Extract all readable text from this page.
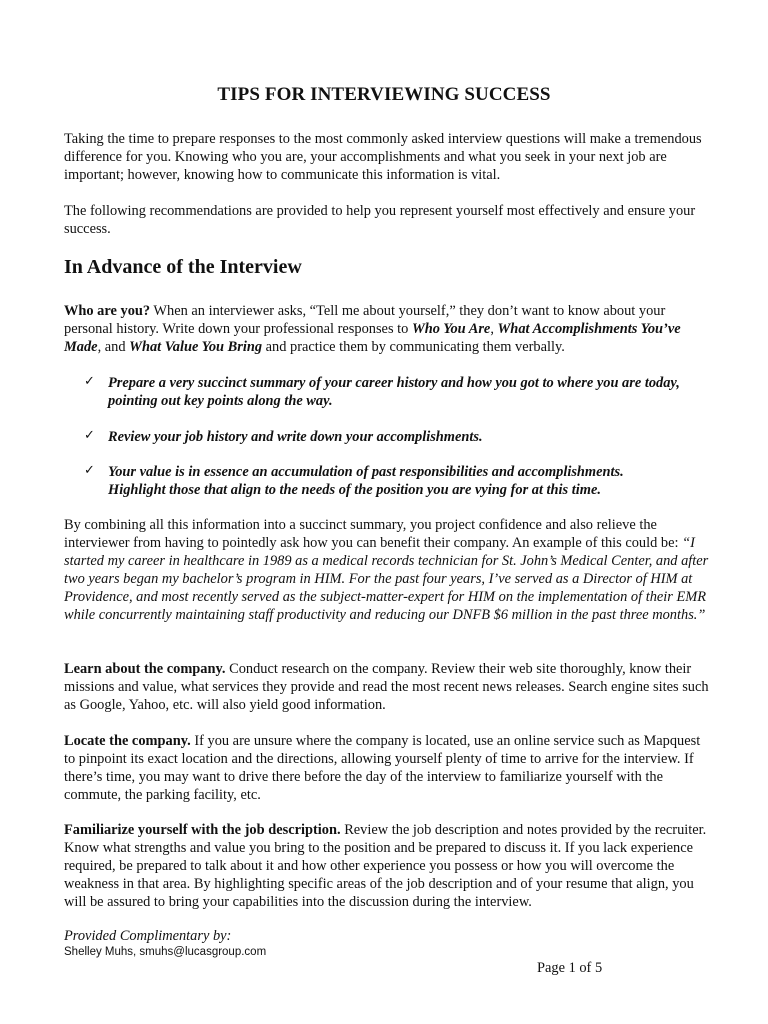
TIPS FOR INTERVIEWING SUCCESS

Taking the time to prepare responses to the most commonly asked interview questions will make a tremendous difference for you. Knowing who you are, your accomplishments and what you seek in your next job are important; however, knowing how to communicate this information is vital.

The following recommendations are provided to help you represent yourself most effectively and ensure your success.

In Advance of the Interview

Who are you? When an interviewer asks, “Tell me about yourself,” they don’t want to know about your personal history. Write down your professional responses to Who You Are, What Accomplishments You’ve Made, and What Value You Bring and practice them by communicating them verbally.

✓ Prepare a very succinct summary of your career history and how you got to where you are today, pointing out key points along the way.

✓ Review your job history and write down your accomplishments.

✓ Your value is in essence an accumulation of past responsibilities and accomplishments. Highlight those that align to the needs of the position you are vying for at this time.

By combining all this information into a succinct summary, you project confidence and also relieve the interviewer from having to pointedly ask how you can benefit their company. An example of this could be: “I started my career in healthcare in 1989 as a medical records technician for St. John’s Medical Center, and after two years began my bachelor’s program in HIM. For the past four years, I’ve served as a Director of HIM at Providence, and most recently served as the subject-matter-expert for HIM on the implementation of their EMR while concurrently maintaining staff productivity and reducing our DNFB $6 million in the past three months.”

Learn about the company. Conduct research on the company. Review their web site thoroughly, know their missions and value, what services they provide and read the most recent news releases. Search engine sites such as Google, Yahoo, etc. will also yield good information.

Locate the company. If you are unsure where the company is located, use an online service such as Mapquest to pinpoint its exact location and the directions, allowing yourself plenty of time to arrive for the interview. If there’s time, you may want to drive there before the day of the interview to familiarize yourself with the commute, the parking facility, etc.

Familiarize yourself with the job description. Review the job description and notes provided by the recruiter. Know what strengths and value you bring to the position and be prepared to discuss it. If you lack experience required, be prepared to talk about it and how other experience you possess or how you will overcome the weakness in that area. By highlighting specific areas of the job description and of your resume that align, you will be assured to bring your capabilities into the discussion during the interview.

Provided Complimentary by:
Shelley Muhs, smuhs@lucasgroup.com
Page 1 of 5
